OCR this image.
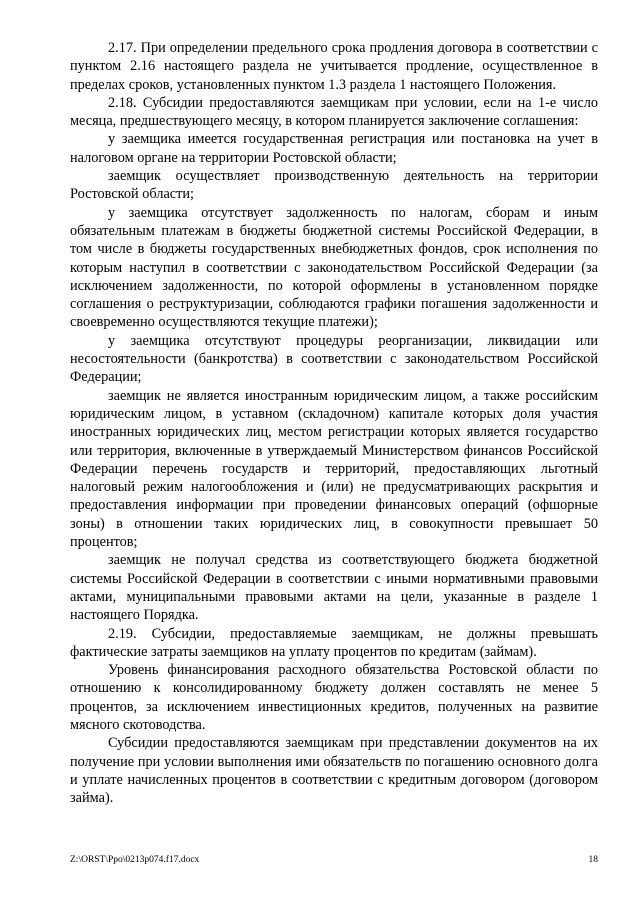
2.17. При определении предельного срока продления договора в соответствии с пунктом 2.16 настоящего раздела не учитывается продление, осуществленное в пределах сроков, установленных пунктом 1.3 раздела 1 настоящего Положения.

2.18. Субсидии предоставляются заемщикам при условии, если на 1-е число месяца, предшествующего месяцу, в котором планируется заключение соглашения:

у заемщика имеется государственная регистрация или постановка на учет в налоговом органе на территории Ростовской области;

заемщик осуществляет производственную деятельность на территории Ростовской области;

у заемщика отсутствует задолженность по налогам, сборам и иным обязательным платежам в бюджеты бюджетной системы Российской Федерации, в том числе в бюджеты государственных внебюджетных фондов, срок исполнения по которым наступил в соответствии с законодательством Российской Федерации (за исключением задолженности, по которой оформлены в установленном порядке соглашения о реструктуризации, соблюдаются графики погашения задолженности и своевременно осуществляются текущие платежи);

у заемщика отсутствуют процедуры реорганизации, ликвидации или несостоятельности (банкротства) в соответствии с законодательством Российской Федерации;

заемщик не является иностранным юридическим лицом, а также российским юридическим лицом, в уставном (складочном) капитале которых доля участия иностранных юридических лиц, местом регистрации которых является государство или территория, включенные в утверждаемый Министерством финансов Российской Федерации перечень государств и территорий, предоставляющих льготный налоговый режим налогообложения и (или) не предусматривающих раскрытия и предоставления информации при проведении финансовых операций (офшорные зоны) в отношении таких юридических лиц, в совокупности превышает 50 процентов;

заемщик не получал средства из соответствующего бюджета бюджетной системы Российской Федерации в соответствии с иными нормативными правовыми актами, муниципальными правовыми актами на цели, указанные в разделе 1 настоящего Порядка.

2.19. Субсидии, предоставляемые заемщикам, не должны превышать фактические затраты заемщиков на уплату процентов по кредитам (займам).

Уровень финансирования расходного обязательства Ростовской области по отношению к консолидированному бюджету должен составлять не менее 5 процентов, за исключением инвестиционных кредитов, полученных на развитие мясного скотоводства.

Субсидии предоставляются заемщикам при представлении документов на их получение при условии выполнения ими обязательств по погашению основного долга и уплате начисленных процентов в соответствии с кредитным договором (договором займа).

Z:\ORST\Ppo\0213p074.f17.docx	18
